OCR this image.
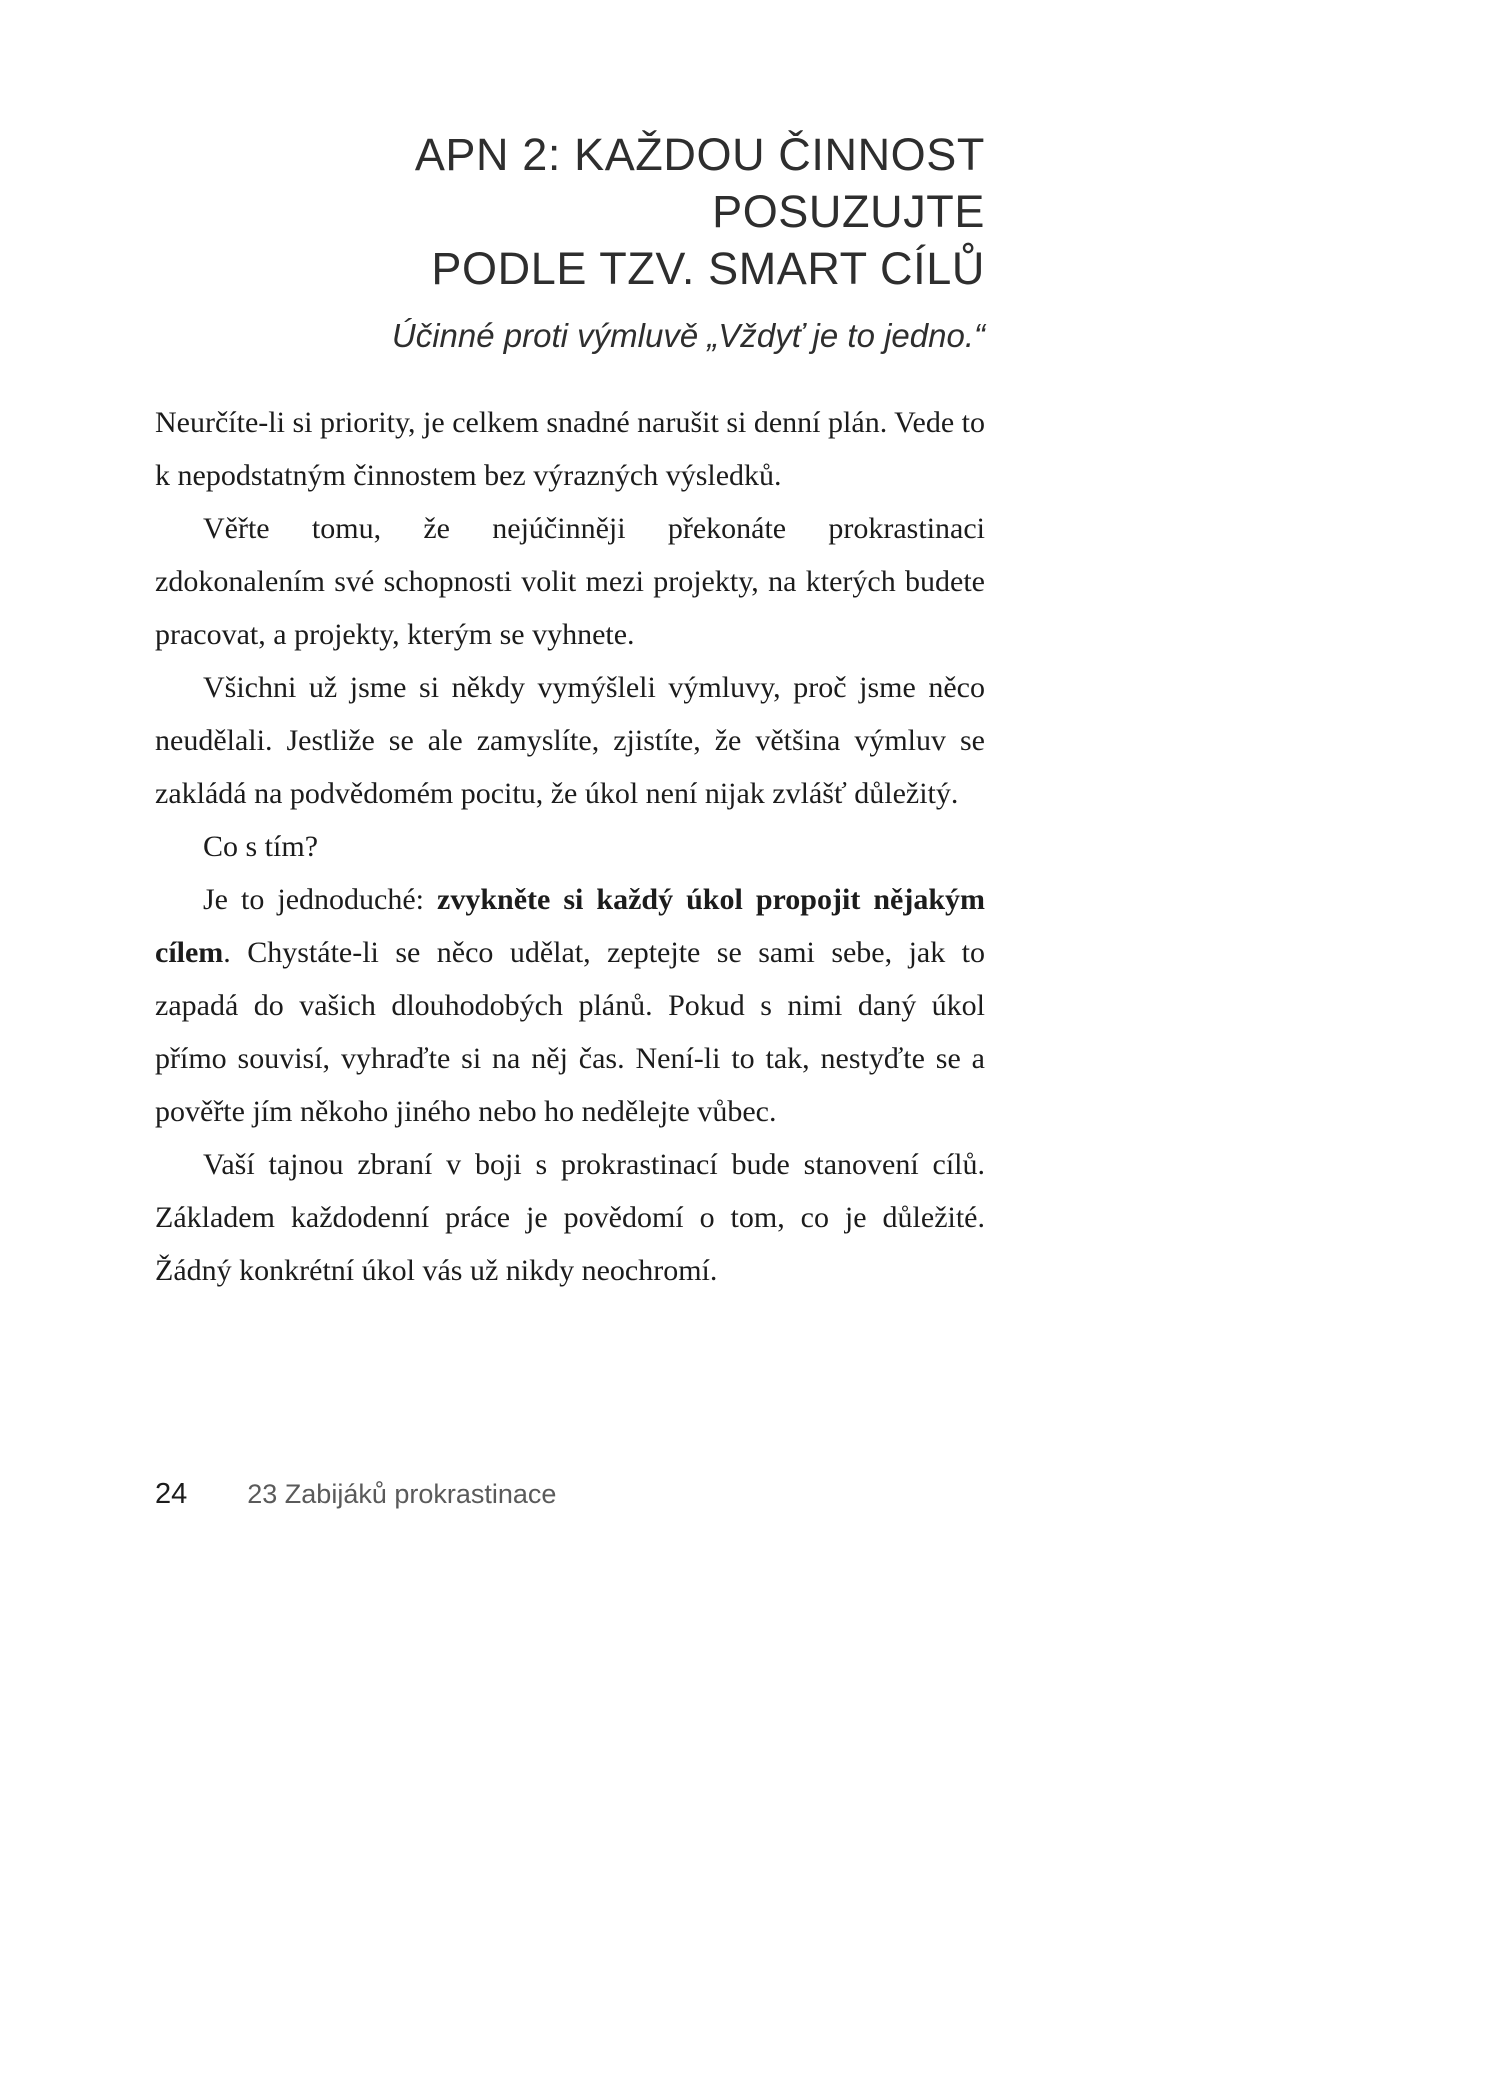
APN 2: KAŽDOU ČINNOST POSUZUJTE
PODLE TZV. SMART CÍLŮ

Účinné proti výmluvě „Vždyť je to jedno.“

Neurčíte-li si priority, je celkem snadné narušit si denní plán. Vede to k nepodstatným činnostem bez výrazných výsledků.

Věřte tomu, že nejúčinněji překonáte prokrastinaci zdokonalením své schopnosti volit mezi projekty, na kterých budete pracovat, a projekty, kterým se vyhnete.

Všichni už jsme si někdy vymýšleli výmluvy, proč jsme něco neudělali. Jestliže se ale zamyslíte, zjistíte, že většina výmluv se zakládá na podvědomém pocitu, že úkol není nijak zvlášť důležitý.

Co s tím?

Je to jednoduché: zvykněte si každý úkol propojit nějakým cílem. Chystáte-li se něco udělat, zeptejte se sami sebe, jak to zapadá do vašich dlouhodobých plánů. Pokud s nimi daný úkol přímo souvisí, vyhraďte si na něj čas. Není-li to tak, nestyďte se a pověřte jím někoho jiného nebo ho nedělejte vůbec.

Vaší tajnou zbraní v boji s prokrastinací bude stanovení cílů. Základem každodenní práce je povědomí o tom, co je důležité. Žádný konkrétní úkol vás už nikdy neochromí.

24 23 Zabijáků prokrastinace
